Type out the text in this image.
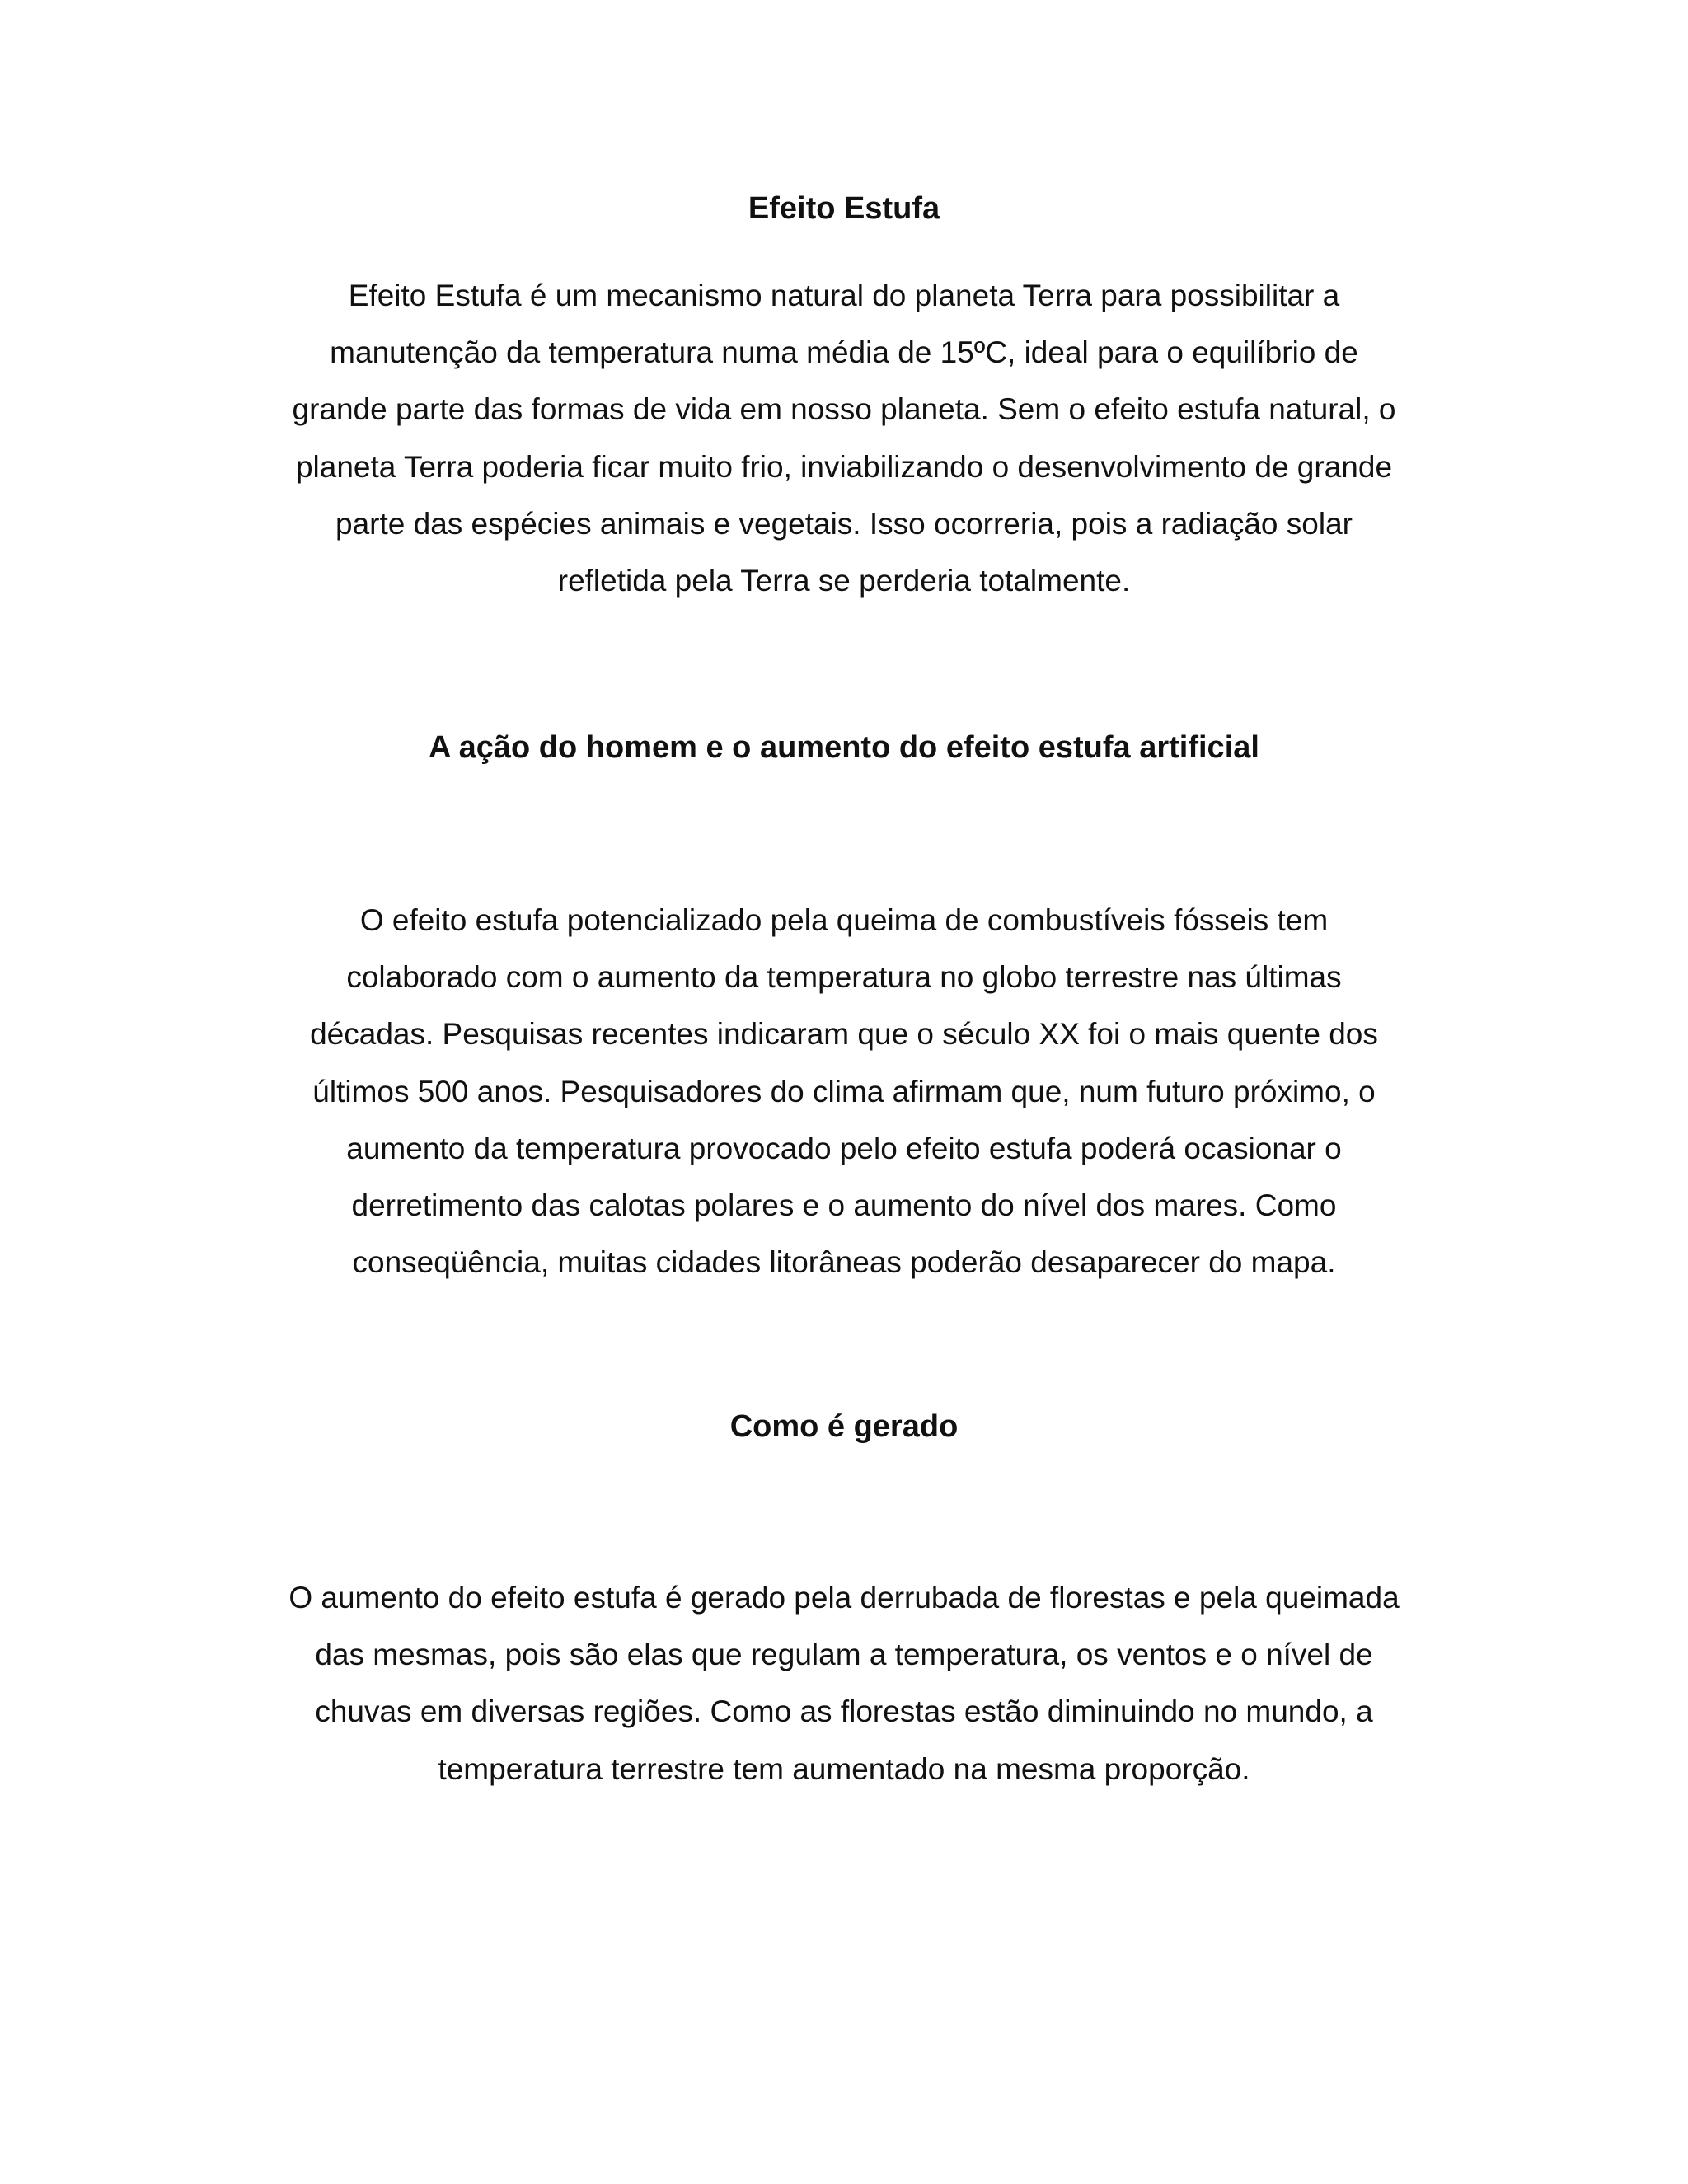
Efeito Estufa
Efeito Estufa é um mecanismo natural do planeta Terra para possibilitar a
manutenção da temperatura numa média de 15ºC, ideal para o equilíbrio de
grande parte das formas de vida em nosso planeta. Sem o efeito estufa natural, o
planeta Terra poderia ficar muito frio, inviabilizando o desenvolvimento de grande
parte das espécies animais e vegetais. Isso ocorreria, pois a radiação solar
refletida pela Terra se perderia totalmente.
A ação do homem e o aumento do efeito estufa artificial
O efeito estufa potencializado pela queima de combustíveis fósseis tem
colaborado com o aumento da temperatura no globo terrestre nas últimas
décadas. Pesquisas recentes indicaram que o século XX foi o mais quente dos
últimos 500 anos. Pesquisadores do clima afirmam que, num futuro próximo, o
aumento da temperatura provocado pelo efeito estufa poderá ocasionar o
derretimento das calotas polares e o aumento do nível dos mares. Como
conseqüência, muitas cidades litorâneas poderão desaparecer do mapa.
Como é gerado
O aumento do efeito estufa é gerado pela derrubada de florestas e pela queimada
das mesmas, pois são elas que regulam a temperatura, os ventos e o nível de
chuvas em diversas regiões. Como as florestas estão diminuindo no mundo, a
temperatura terrestre tem aumentado na mesma proporção.
